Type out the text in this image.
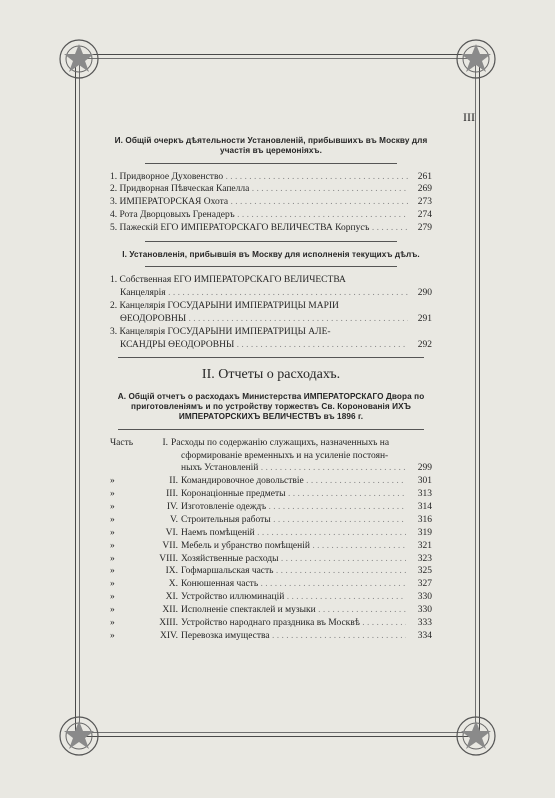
III

И. Общій очеркъ дѣятельности Установленій, прибывшихъ въ Москву для участія въ церемоніяхъ.

1. Придворное Духовенство . . .	261
2. Придворная Пѣвческая Капелла . . .	269
3. ИМПЕРАТОРСКАЯ Охота . . .	273
4. Рота Дворцовыхъ Гренадеръ . . .	274
5. Пажескій ЕГО ИМПЕРАТОРСКАГО ВЕЛИЧЕСТВА Корпусъ . . .	279

І. Установленія, прибывшія въ Москву для исполненія текущихъ дѣлъ.

1. Собственная ЕГО ИМПЕРАТОРСКАГО ВЕЛИЧЕСТВА
Канцелярія . . .	290
2. Канцелярія ГОСУДАРЫНИ ИМПЕРАТРИЦЫ МАРІИ
ѲЕОДОРОВНЫ . . .	291
3. Канцелярія ГОСУДАРЫНИ ИМПЕРАТРИЦЫ АЛЕ-
КСАНДРЫ ѲЕОДОРОВНЫ . . .	292
II. Отчеты о расходахъ.

А. Общій отчетъ о расходахъ Министерства ИМПЕРАТОРСКАГО Двора по приготовленіямъ и по устройству торжествъ Св. Коронованія ИХЪ ИМПЕРАТОРСКИХЪ ВЕЛИЧЕСТВЪ въ 1896 г.

Часть	I. Расходы по содержанію служащихъ, назначенныхъ на
сформированіе временныхъ и на усиленіе постоян-
ныхъ Установленій . . .	299
»	II. Командировочное довольствіе . . .	301
»	III. Коронаціонные предметы . . .	313
»	IV. Изготовленіе одеждъ . . .	314
»	V. Строительныя работы . . .	316
»	VI. Наемъ помѣщеній . . .	319
»	VII. Мебель и убранство помѣщеній . . .	321
»	VIII. Хозяйственные расходы . . .	323
»	IX. Гофмаршальская часть . . .	325
»	X. Конюшенная часть . . .	327
»	XI. Устройство иллюминацій . . .	330
»	XII. Исполненіе спектаклей и музыки . . .	330
»	XIII. Устройство народнаго праздника въ Москвѣ . . .	333
»	XIV. Перевозка имущества . . .	334
